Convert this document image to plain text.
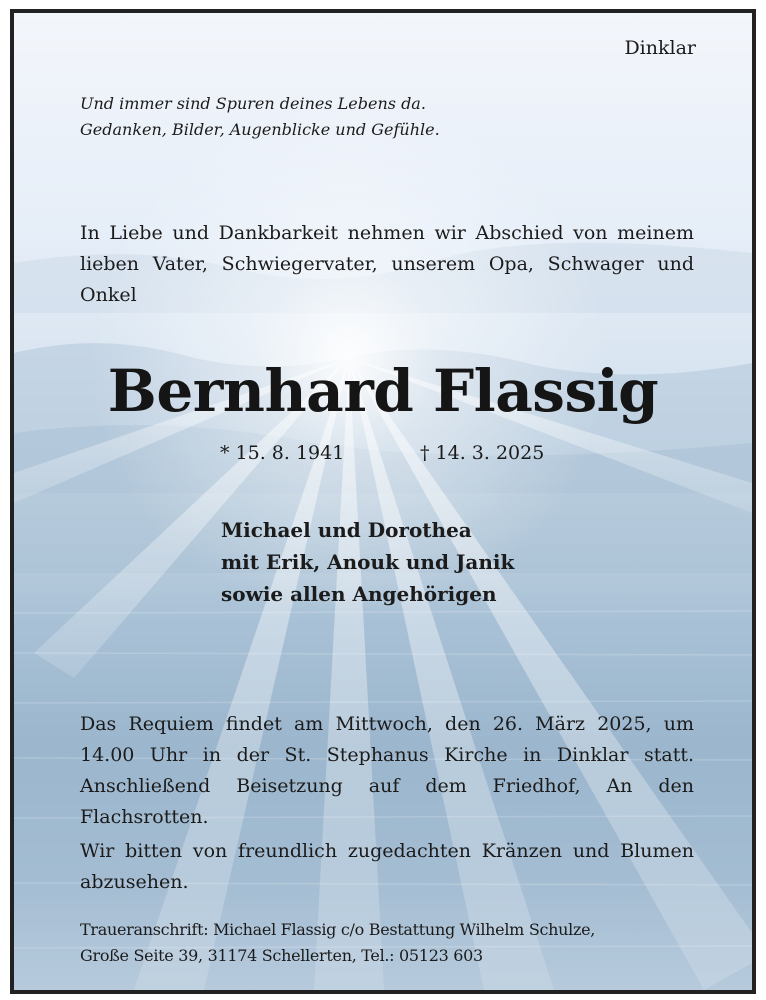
Dinklar

Und immer sind Spuren deines Lebens da.
Gedanken, Bilder, Augenblicke und Gefühle.
In Liebe und Dankbarkeit nehmen wir Abschied von meinem lieben Vater, Schwiegervater, unserem Opa, Schwager und Onkel
Bernhard Flassig
* 15. 8. 1941	† 14. 3. 2025
Michael und Dorothea
mit Erik, Anouk und Janik
sowie allen Angehörigen

Das Requiem findet am Mittwoch, den 26. März 2025, um 14.00 Uhr in der St. Stephanus Kirche in Dinklar statt. Anschließend Beisetzung auf dem Friedhof, An den Flachsrotten.

Wir bitten von freundlich zugedachten Kränzen und Blumen abzusehen.

Traueranschrift: Michael Flassig c/o Bestattung Wilhelm Schulze,
Große Seite 39, 31174 Schellerten, Tel.: 05123 603
